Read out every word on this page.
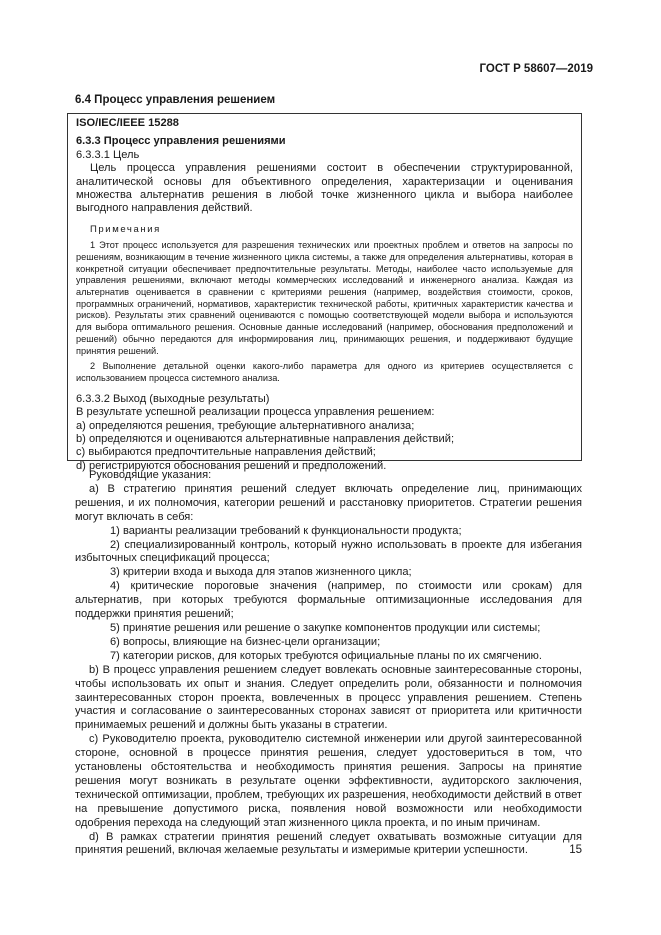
ГОСТ Р 58607—2019
6.4 Процесс управления решением
ISO/IEC/IEEE 15288
6.3.3 Процесс управления решениями
6.3.3.1 Цель
Цель процесса управления решениями состоит в обеспечении структурированной, аналитической основы для объективного определения, характеризации и оценивания множества альтернатив решения в любой точке жизненного цикла и выбора наиболее выгодного направления действий.
Примечания
1 Этот процесс используется для разрешения технических или проектных проблем и ответов на запросы по решениям, возникающим в течение жизненного цикла системы, а также для определения альтернативы, которая в конкретной ситуации обеспечивает предпочтительные результаты. Методы, наиболее часто используемые для управления решениями, включают методы коммерческих исследований и инженерного анализа. Каждая из альтернатив оценивается в сравнении с критериями решения (например, воздействия стоимости, сроков, программных ограничений, нормативов, характеристик технической работы, критичных характеристик качества и рисков). Результаты этих сравнений оцениваются с помощью соответствующей модели выбора и используются для выбора оптимального решения. Основные данные исследований (например, обоснования предположений и решений) обычно передаются для информирования лиц, принимающих решения, и поддерживают будущие принятия решений.
2 Выполнение детальной оценки какого-либо параметра для одного из критериев осуществляется с использованием процесса системного анализа.
6.3.3.2 Выход (выходные результаты)
В результате успешной реализации процесса управления решением:
a) определяются решения, требующие альтернативного анализа;
b) определяются и оцениваются альтернативные направления действий;
c) выбираются предпочтительные направления действий;
d) регистрируются обоснования решений и предположений.
Руководящие указания:
а) В стратегию принятия решений следует включать определение лиц, принимающих решения, и их полномочия, категории решений и расстановку приоритетов. Стратегии решения могут включать в себя:
1) варианты реализации требований к функциональности продукта;
2) специализированный контроль, который нужно использовать в проекте для избегания избыточных спецификаций процесса;
3) критерии входа и выхода для этапов жизненного цикла;
4) критические пороговые значения (например, по стоимости или срокам) для альтернатив, при которых требуются формальные оптимизационные исследования для поддержки принятия решений;
5) принятие решения или решение о закупке компонентов продукции или системы;
6) вопросы, влияющие на бизнес-цели организации;
7) категории рисков, для которых требуются официальные планы по их смягчению.
b) В процесс управления решением следует вовлекать основные заинтересованные стороны, чтобы использовать их опыт и знания. Следует определить роли, обязанности и полномочия заинтересованных сторон проекта, вовлеченных в процесс управления решением. Степень участия и согласование о заинтересованных сторонах зависят от приоритета или критичности принимаемых решений и должны быть указаны в стратегии.
c) Руководителю проекта, руководителю системной инженерии или другой заинтересованной стороне, основной в процессе принятия решения, следует удостовериться в том, что установлены обстоятельства и необходимость принятия решения. Запросы на принятие решения могут возникать в результате оценки эффективности, аудиторского заключения, технической оптимизации, проблем, требующих их разрешения, необходимости действий в ответ на превышение допустимого риска, появления новой возможности или необходимости одобрения перехода на следующий этап жизненного цикла проекта, и по иным причинам.
d) В рамках стратегии принятия решений следует охватывать возможные ситуации для принятия решений, включая желаемые результаты и измеримые критерии успешности.	15
